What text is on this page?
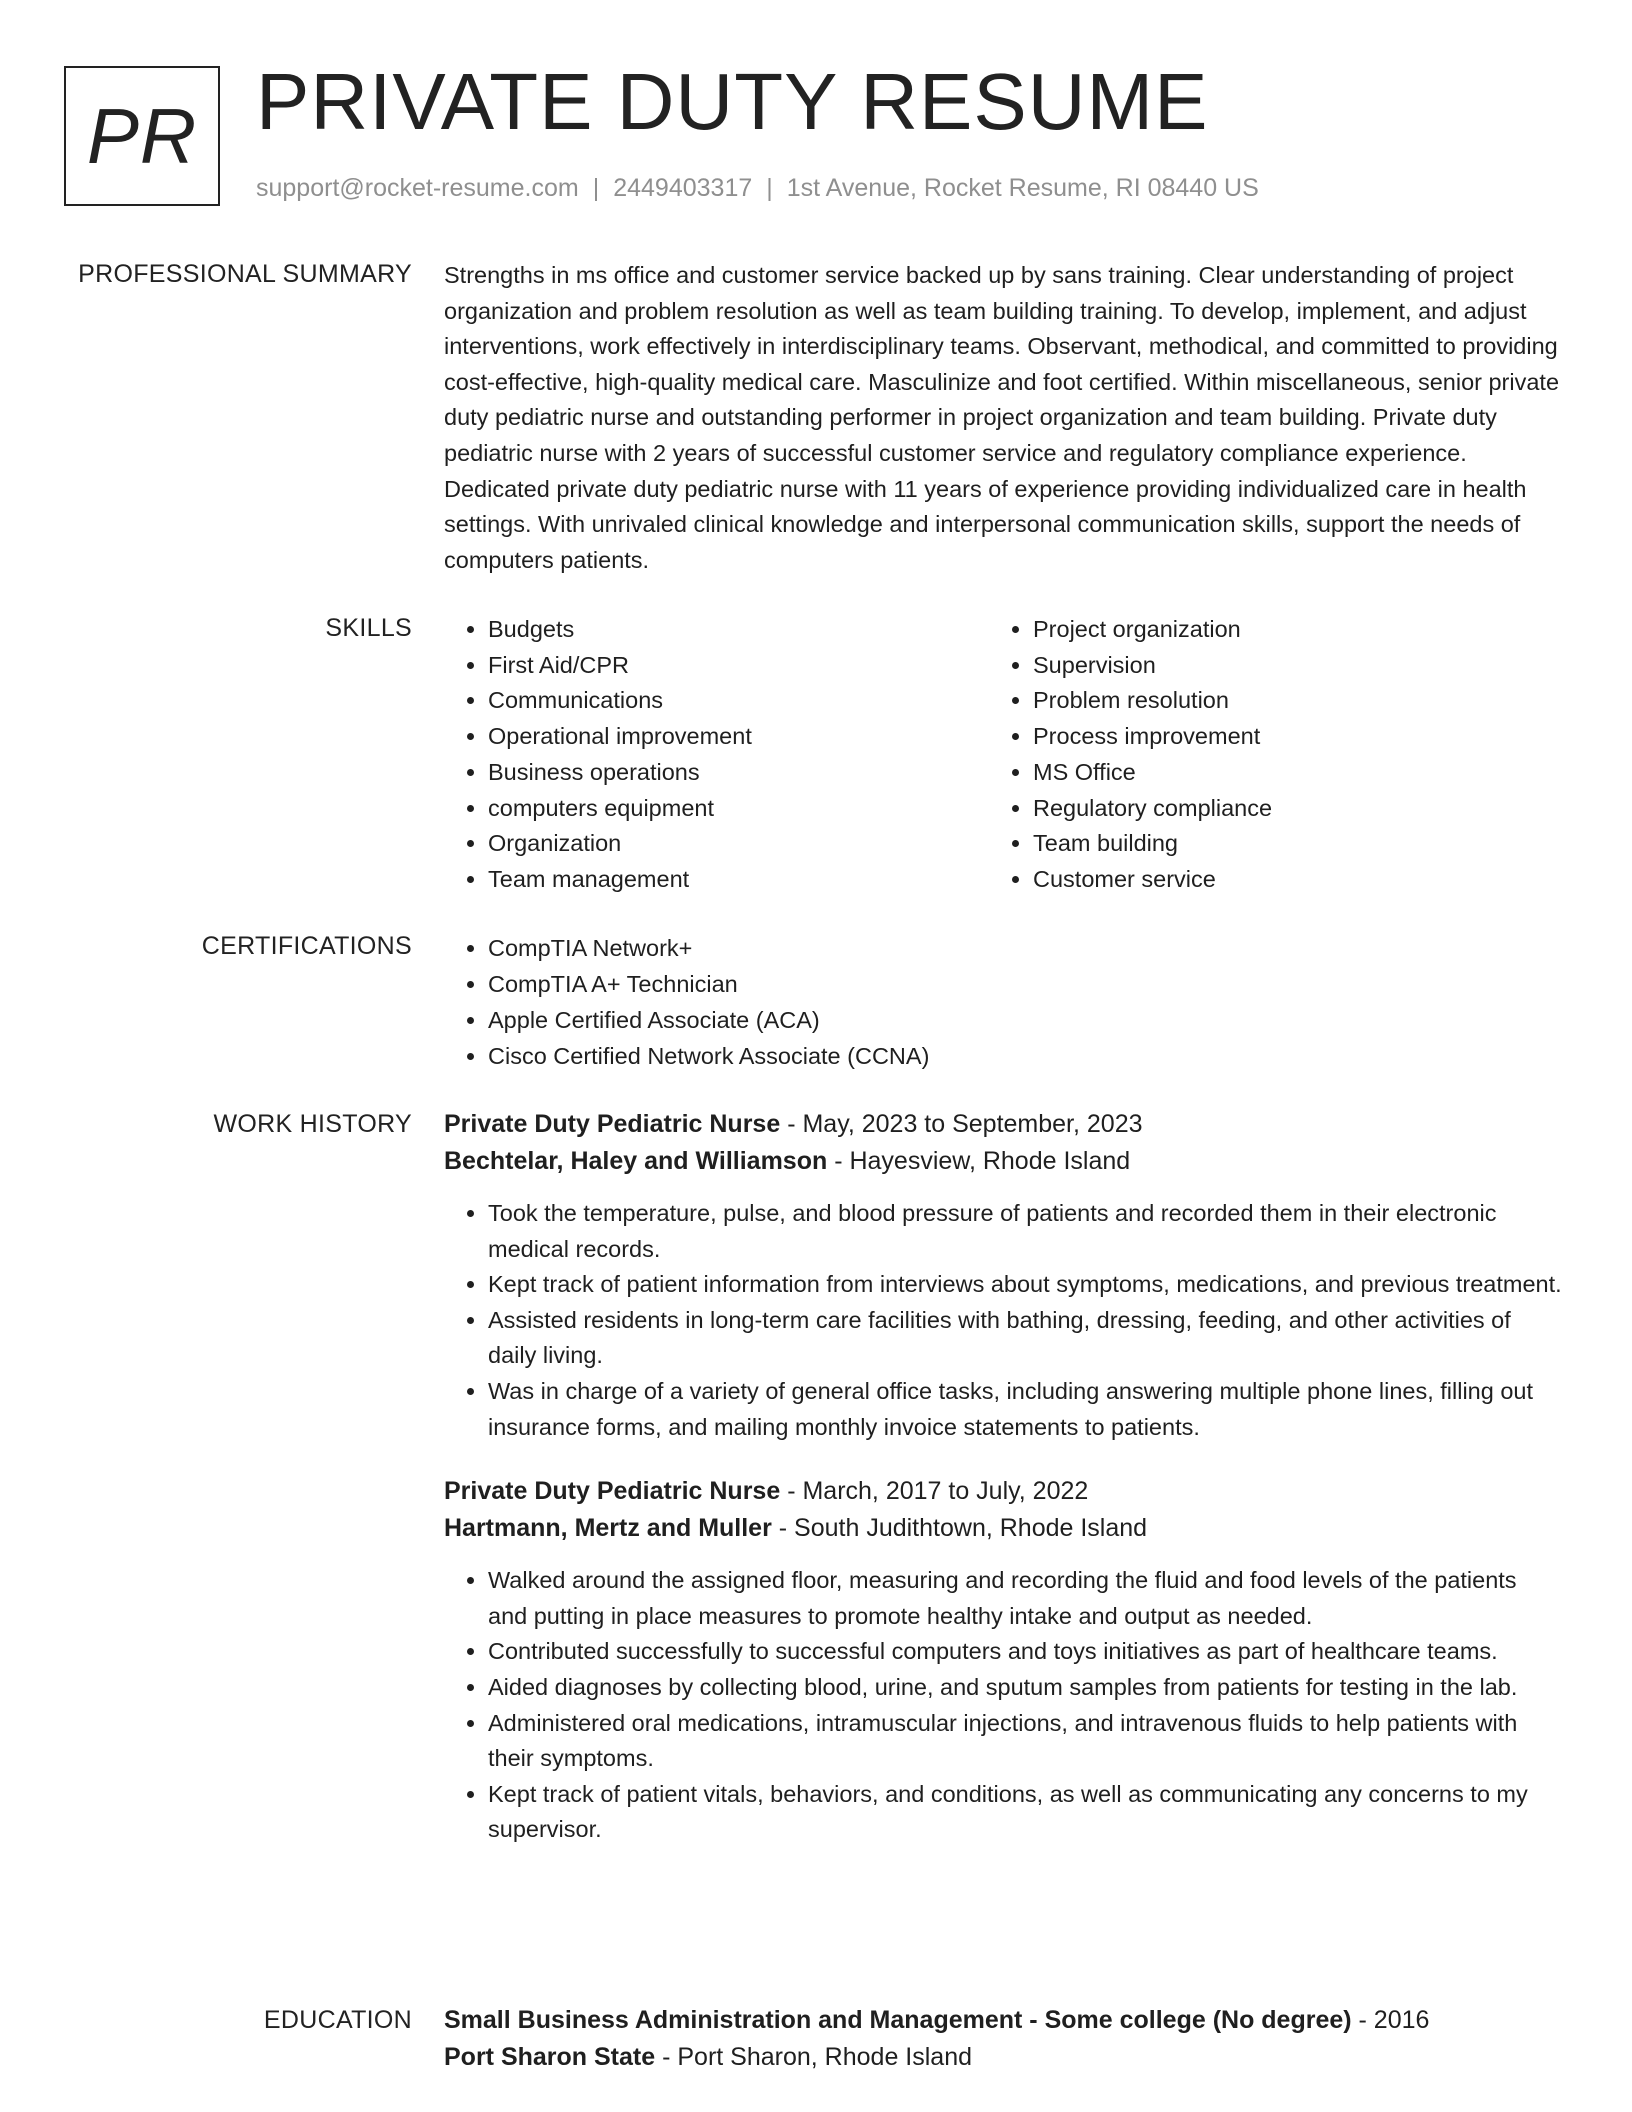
PR PRIVATE DUTY RESUME
support@rocket-resume.com | 2449403317 | 1st Avenue, Rocket Resume, RI 08440 US
PROFESSIONAL SUMMARY Strengths in ms office and customer service backed up by sans training. Clear understanding of project organization and problem resolution as well as team building training. To develop, implement, and adjust interventions, work effectively in interdisciplinary teams. Observant, methodical, and committed to providing cost-effective, high-quality medical care. Masculinize and foot certified. Within miscellaneous, senior private duty pediatric nurse and outstanding performer in project organization and team building. Private duty pediatric nurse with 2 years of successful customer service and regulatory compliance experience. Dedicated private duty pediatric nurse with 11 years of experience providing individualized care in health settings. With unrivaled clinical knowledge and interpersonal communication skills, support the needs of computers patients.

SKILLS	• Budgets
• First Aid/CPR
• Communications
• Operational improvement
• Business operations
• computers equipment
• Organization
• Team management
• Project organization
• Supervision
• Problem resolution
• Process improvement
• MS Office
• Regulatory compliance
• Team building
• Customer service
CERTIFICATIONS	• CompTIA Network+
• CompTIA A+ Technician
• Apple Certified Associate (ACA)
• Cisco Certified Network Associate (CCNA)
WORK HISTORY Private Duty Pediatric Nurse - May, 2023 to September, 2023
Bechtelar, Haley and Williamson - Hayesview, Rhode Island
• Took the temperature, pulse, and blood pressure of patients and recorded them in their electronic medical records.
• Kept track of patient information from interviews about symptoms, medications, and previous treatment.
• Assisted residents in long-term care facilities with bathing, dressing, feeding, and other activities of daily living.
• Was in charge of a variety of general office tasks, including answering multiple phone lines, filling out insurance forms, and mailing monthly invoice statements to patients.
Private Duty Pediatric Nurse - March, 2017 to July, 2022
Hartmann, Mertz and Muller - South Judithtown, Rhode Island
• Walked around the assigned floor, measuring and recording the fluid and food levels of the patients and putting in place measures to promote healthy intake and output as needed.
• Contributed successfully to successful computers and toys initiatives as part of healthcare teams.
• Aided diagnoses by collecting blood, urine, and sputum samples from patients for testing in the lab.
• Administered oral medications, intramuscular injections, and intravenous fluids to help patients with their symptoms.
• Kept track of patient vitals, behaviors, and conditions, as well as communicating any concerns to my supervisor.
EDUCATION Small Business Administration and Management - Some college (No degree) - 2016
Port Sharon State - Port Sharon, Rhode Island
